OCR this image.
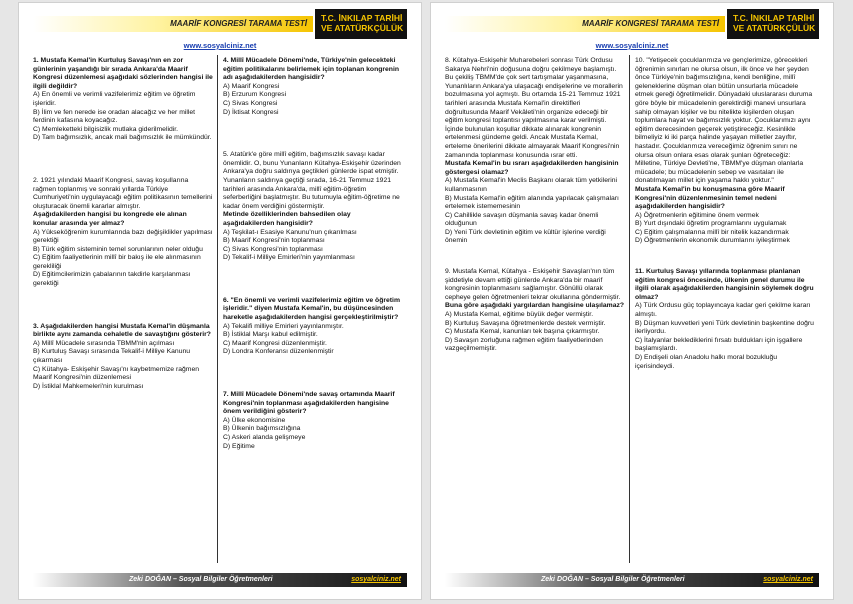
MAARİF KONGRESİ TARAMA TESTİ
T.C. İNKILAP TARİHİ
VE ATATÜRKÇÜLÜK
www.sosyalciniz.net
1. Mustafa Kemal'in Kurtuluş Savaşı'nın en zor günlerinin yaşandığı bir sırada Ankara'da Maarif Kongresi düzenlemesi aşağıdaki sözlerinden hangisi ile ilgili değildir?
A) En önemli ve verimli vazifelerimiz eğitim ve öğretim işleridir.
B) İlim ve fen nerede ise oradan alacağız ve her millet ferdinin kafasına koyacağız.
C) Memleketteki bilgisizlik mutlaka giderilmelidir.
D) Tam bağımsızlık, ancak mali bağımsızlık ile mümkündür.
2. 1921 yılındaki Maarif Kongresi, savaş koşullarına rağmen toplanmış ve sonraki yıllarda Türkiye Cumhuriyeti'nin uygulayacağı eğitim politikasının temellerini oluşturacak önemli kararlar almıştır.
Aşağıdakilerden hangisi bu kongrede ele alınan konular arasında yer almaz?
A) Yükseköğrenim kurumlarında bazı değişiklikler yapılması gerektiği
B) Türk eğitim sisteminin temel sorunlarının neler olduğu
C) Eğitim faaliyetlerinin millî bir bakış ile ele alınmasının gerekliliği
D) Eğitimcilerimizin çabalarının takdirle karşılanması gerektiği
3. Aşağıdakilerden hangisi Mustafa Kemal'in düşmanla birlikte aynı zamanda cehaletle de savaştığını gösterir?
A) Millî Mücadele sırasında TBMM'nin açılması
B) Kurtuluş Savaşı sırasında Tekalif-i Milliye Kanunu çıkarması
C) Kütahya- Eskişehir Savaşı'nı kaybetmemize rağmen Maarif Kongresi'nin düzenlemesi
D) İstiklal Mahkemeleri'nin kurulması
4. Millî Mücadele Dönemi'nde, Türkiye'nin gelecekteki eğitim politikalarını belirlemek için toplanan kongrenin adı aşağıdakilerden hangisidir?
A) Maarif Kongresi
B) Erzurum Kongresi
C) Sivas Kongresi
D) İktisat Kongresi
5. Atatürk'e göre millî eğitim, bağımsızlık savaşı kadar önemlidir. O, bunu Yunanların Kütahya-Eskişehir üzerinden Ankara'ya doğru saldırıya geçtikleri günlerde ispat etmiştir. Yunanların saldırıya geçtiği sırada, 16-21 Temmuz 1921 tarihleri arasında Ankara'da, millî eğitim-öğretim seferberliğini başlatmıştır. Bu tutumuyla eğitim-öğretime ne kadar önem verdiğini göstermiştir.
Metinde özelliklerinden bahsedilen olay aşağıdakilerden hangisidir?
A) Teşkilat-ı Esasiye Kanunu'nun çıkarılması
B) Maarif Kongresi'nin toplanması
C) Sivas Kongresi'nin toplanması
D) Tekalif-i Milliye Emirleri'nin yayımlanması
6. "En önemli ve verimli vazifelerimiz eğitim ve öğretim işleridir." diyen Mustafa Kemal'in, bu düşüncesinden hareketle aşağıdakilerden hangisi gerçekleştirilmiştir?
A) Tekalifi milliye Emirleri yayınlanmıştır.
B) İstiklal Marşı kabul edilmiştir.
C) Maarif Kongresi düzenlenmiştir.
D) Londra Konferansı düzenlenmiştir
7. Millî Mücadele Dönemi'nde savaş ortamında Maarif Kongresi'nin toplanması aşağıdakilerden hangisine önem verildiğini gösterir?
A) Ülke ekonomisine
B) Ülkenin bağımsızlığına
C) Askeri alanda gelişmeye
D) Eğitime
Zeki DOĞAN – Sosyal Bilgiler Öğretmenleri	sosyalciniz.net
MAARİF KONGRESİ TARAMA TESTİ
T.C. İNKILAP TARİHİ
VE ATATÜRKÇÜLÜK
www.sosyalciniz.net
8. Kütahya-Eskişehir Muharebeleri sonrası Türk Ordusu Sakarya Nehri'nin doğusuna doğru çekilmeye başlamıştı. Bu çekiliş TBMM'de çok sert tartışmalar yaşanmasına, Yunanlıların Ankara'ya ulaşacağı endişelerine ve morallerin bozulmasına yol açmıştı. Bu ortamda 15-21 Temmuz 1921 tarihleri arasında Mustafa Kemal'in direktifleri doğrultusunda Maarif Vekâleti'nin organize edeceği bir eğitim kongresi toplantısı yapılmasına karar verilmişti. İçinde bulunulan koşullar dikkate alınarak kongrenin ertelenmesi gündeme geldi. Ancak Mustafa Kemal, erteleme önerilerini dikkate almayarak Maarif Kongresi'nin zamanında toplanması konusunda ısrar etti.
Mustafa Kemal'in bu ısrarı aşağıdakilerden hangisinin göstergesi olamaz?
A) Mustafa Kemal'in Meclis Başkanı olarak tüm yetkilerini kullanmasının
B) Mustafa Kemal'in eğitim alanında yapılacak çalışmaları ertelemek istememesinin
C) Cahillikle savaşın düşmanla savaş kadar önemli olduğunun
D) Yeni Türk devletinin eğitim ve kültür işlerine verdiği önemin
9. Mustafa Kemal, Kütahya - Eskişehir Savaşları'nın tüm şiddetiyle devam ettiği günlerde Ankara'da bir maarif kongresinin toplanmasını sağlamıştır. Gönüllü olarak cepheye gelen öğretmenleri tekrar okullarına göndermiştir.
Buna göre aşağıdaki yargılardan hangisine ulaşılamaz?
A) Mustafa Kemal, eğitime büyük değer vermiştir.
B) Kurtuluş Savaşına öğretmenlerde destek vermiştir.
C) Mustafa Kemal, kanunları tek başına çıkarmıştır.
D) Savaşın zorluğuna rağmen eğitim faaliyetlerinden vazgeçilmemiştir.
10. "Yetişecek çocuklarımıza ve gençlerimize, görecekleri öğrenimin sınırları ne olursa olsun, ilk önce ve her şeyden önce Türkiye'nin bağımsızlığına, kendi benliğine, millî geleneklerine düşman olan bütün unsurlarla mücadele etmek gereği öğretilmelidir. Dünyadaki uluslararası duruma göre böyle bir mücadelenin gerektirdiği manevi unsurlara sahip olmayan kişiler ve bu nitelikte kişilerden oluşan toplumlara hayat ve bağımsızlık yoktur. Çocuklarımızı aynı eğitim derecesinden geçerek yetiştireceğiz. Kesinlikle bilmeliyiz ki iki parça halinde yaşayan milletler zayıftır, hastadır. Çocuklarımıza vereceğimiz öğrenim sınırı ne olursa olsun onlara esas olarak şunları öğreteceğiz: Milletine, Türkiye Devleti'ne, TBMM'ye düşman olanlarla mücadele; bu mücadelenin sebep ve vasıtaları ile donatılmayan millet için yaşama hakkı yoktur."
Mustafa Kemal'in bu konuşmasına göre Maarif Kongresi'nin düzenlenmesinin temel nedeni aşağıdakilerden hangisidir?
A) Öğretmenlerin eğitimine önem vermek
B) Yurt dışındaki öğretim programlarını uygulamak
C) Eğitim çalışmalarına millî bir nitelik kazandırmak
D) Öğretmenlerin ekonomik durumlarını iyileştirmek
11. Kurtuluş Savaşı yıllarında toplanması planlanan eğitim kongresi öncesinde, ülkenin genel durumu ile ilgili olarak aşağıdakilerden hangisinin söylemek doğru olmaz?
A) Türk Ordusu güç toplayıncaya kadar geri çekilme kararı almıştı.
B) Düşman kuvvetleri yeni Türk devletinin başkentine doğru ilerliyordu.
C) İtalyanlar beklediklerini fırsatı buldukları için işgallere başlamışlardı.
D) Endişeli olan Anadolu halkı moral bozukluğu içerisindeydi.
Zeki DOĞAN – Sosyal Bilgiler Öğretmenleri	sosyalciniz.net
